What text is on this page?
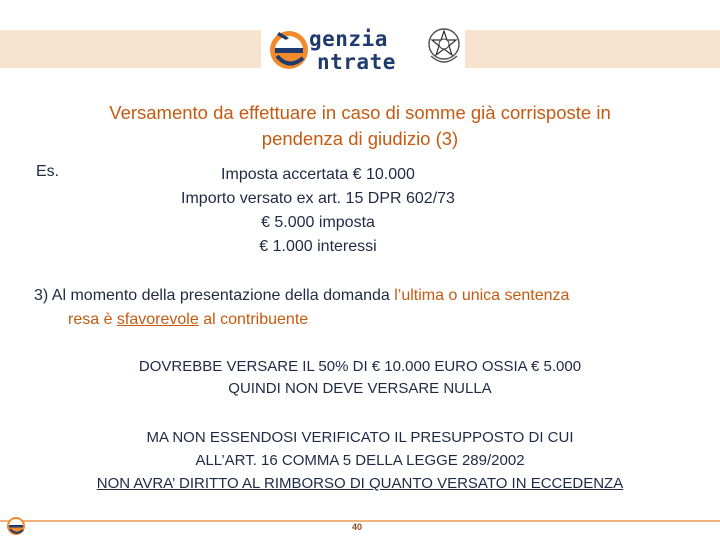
genzia
ntrate
Versamento da effettuare in caso di somme già corrisposte in
pendenza di giudizio (3)
Es.	Imposta accertata € 10.000
Importo versato ex art. 15 DPR 602/73
€ 5.000 imposta
€ 1.000 interessi
3) Al momento della presentazione della domanda l’ultima o unica sentenza
resa è sfavorevole al contribuente
DOVREBBE VERSARE IL 50% DI € 10.000 EURO OSSIA € 5.000
QUINDI NON DEVE VERSARE NULLA
MA NON ESSENDOSI VERIFICATO IL PRESUPPOSTO DI CUI
ALL’ART. 16 COMMA 5 DELLA LEGGE 289/2002
NON AVRA’ DIRITTO AL RIMBORSO DI QUANTO VERSATO IN ECCEDENZA
40
